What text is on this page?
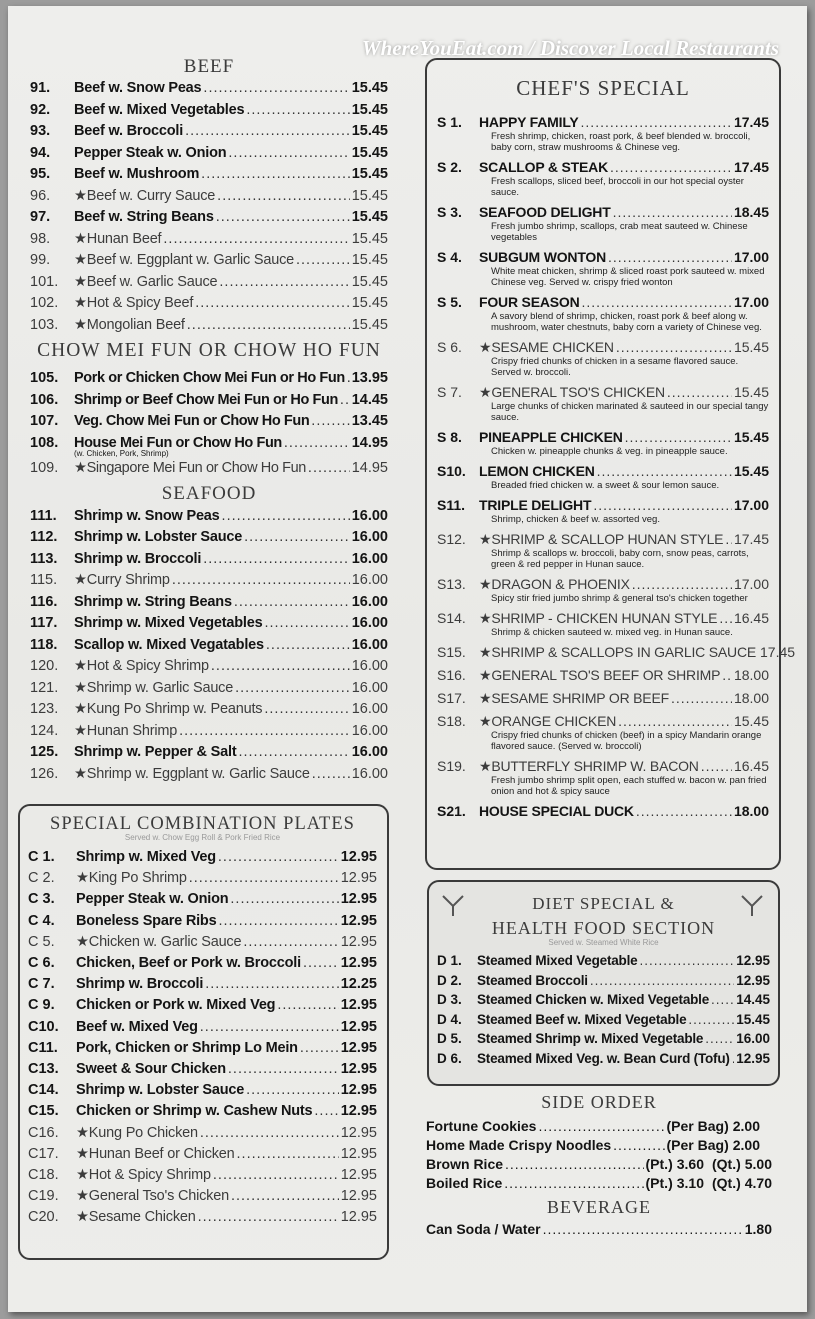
WhereYouEat.com / Discover Local Restaurants
BEEF
91.	Beef w. Snow Peas .....	15.45
92.	Beef w. Mixed Vegetables .....	15.45
93.	Beef w. Broccoli .....	15.45
94.	Pepper Steak w. Onion .....	15.45
95.	Beef w. Mushroom .....	15.45
96.	★Beef w. Curry Sauce .....	15.45
97.	Beef w. String Beans .....	15.45
98.	★Hunan Beef .....	15.45
99.	★Beef w. Eggplant w. Garlic Sauce .....	15.45
101.	★Beef w. Garlic Sauce .....	15.45
102.	★Hot & Spicy Beef .....	15.45
103.	★Mongolian Beef .....	15.45
CHOW MEI FUN OR CHOW HO FUN
105.	Pork or Chicken Chow Mei Fun or Ho Fun ..... 13.95
106.	Shrimp or Beef Chow Mei Fun or Ho Fun ..... 14.45
107.	Veg. Chow Mei Fun or Chow Ho Fun .....	13.45
108.	House Mei Fun or Chow Ho Fun .....	14.95
(w. Chicken, Pork, Shrimp)
109.	★Singapore Mei Fun or Chow Ho Fun .....	14.95
SEAFOOD
111.	Shrimp w. Snow Peas .....	16.00
112.	Shrimp w. Lobster Sauce .....	16.00
113.	Shrimp w. Broccoli .....	16.00
115.	★Curry Shrimp .....	16.00
116.	Shrimp w. String Beans .....	16.00
117.	Shrimp w. Mixed Vegetables .....	16.00
118.	Scallop w. Mixed Vegatables .....	16.00
120.	★Hot & Spicy Shrimp .....	16.00
121.	★Shrimp w. Garlic Sauce .....	16.00
123.	★Kung Po Shrimp w. Peanuts .....	16.00
124.	★Hunan Shrimp .....	16.00
125.	Shrimp w. Pepper & Salt .....	16.00
126.	★Shrimp w. Eggplant w. Garlic Sauce .....	16.00
SPECIAL COMBINATION PLATES
Served w. Chow Egg Roll & Pork Fried Rice
C 1.	Shrimp w. Mixed Veg .....	12.95
C 2.	★King Po Shrimp .....	12.95
C 3.	Pepper Steak w. Onion .....	12.95
C 4.	Boneless Spare Ribs .....	12.95
C 5.	★Chicken w. Garlic Sauce .....	12.95
C 6.	Chicken, Beef or Pork w. Broccoli .....	12.95
C 7.	Shrimp w. Broccoli .....	12.25
C 9.	Chicken or Pork w. Mixed Veg .....	12.95
C10.	Beef w. Mixed Veg .....	12.95
C11.	Pork, Chicken or Shrimp Lo Mein .....	12.95
C13.	Sweet & Sour Chicken .....	12.95
C14.	Shrimp w. Lobster Sauce .....	12.95
C15.	Chicken or Shrimp w. Cashew Nuts ..... 12.95
C16.	★Kung Po Chicken .....	12.95
C17.	★Hunan Beef or Chicken .....	12.95
C18.	★Hot & Spicy Shrimp .....	12.95
C19.	★General Tso's Chicken .....	12.95
C20.	★Sesame Chicken .....	12.95
CHEF'S SPECIAL
S 1.	HAPPY FAMILY .....	17.45
Fresh shrimp, chicken, roast pork, & beef blended w. broccoli, baby corn, straw mushrooms & Chinese veg.
S 2.	SCALLOP & STEAK .....	17.45
Fresh scallops, sliced beef, broccoli in our hot special oyster sauce.
S 3.	SEAFOOD DELIGHT .....	18.45
Fresh jumbo shrimp, scallops, crab meat sauteed w. Chinese vegetables
S 4.	SUBGUM WONTON .....	17.00
White meat chicken, shrimp & sliced roast pork sauteed w. mixed Chinese veg. Served w. crispy fried wonton
S 5.	FOUR SEASON .....	17.00
A savory blend of shrimp, chicken, roast pork & beef along w. mushroom, water chestnuts, baby corn a variety of Chinese veg.
S 6.	★SESAME CHICKEN .....	15.45
Crispy fried chunks of chicken in a sesame flavored sauce. Served w. broccoli.
S 7.	★GENERAL TSO'S CHICKEN .....	15.45
Large chunks of chicken marinated & sauteed in our special tangy sauce.
S 8.	PINEAPPLE CHICKEN .....	15.45
Chicken w. pineapple chunks & veg. in pineapple sauce.
S10. LEMON CHICKEN .....	15.45
Breaded fried chicken w. a sweet & sour lemon sauce.
S11. TRIPLE DELIGHT .....	17.00
Shrimp, chicken & beef w. assorted veg.
S12. ★SHRIMP & SCALLOP HUNAN STYLE ..... 17.45
Shrimp & scallops w. broccoli, baby corn, snow peas, carrots, green & red pepper in Hunan sauce.
S13. ★DRAGON & PHOENIX .....	17.00
Spicy stir fried jumbo shrimp & general tso's chicken together
S14. ★SHRIMP - CHICKEN HUNAN STYLE ..... 16.45
Shrimp & chicken sauteed w. mixed veg. in Hunan sauce.
S15. ★SHRIMP & SCALLOPS IN GARLIC SAUCE 17.45
S16. ★GENERAL TSO'S BEEF OR SHRIMP ..... 18.00
S17. ★SESAME SHRIMP OR BEEF .....	18.00
S18. ★ORANGE CHICKEN .....	15.45
Crispy fried chunks of chicken (beef) in a spicy Mandarin orange flavored sauce. (Served w. broccoli)
S19. ★BUTTERFLY SHRIMP W. BACON .....	16.45
Fresh jumbo shrimp split open, each stuffed w. bacon w. pan fried onion and hot & spicy sauce
S21. HOUSE SPECIAL DUCK .....	18.00
DIET SPECIAL &
HEALTH FOOD SECTION
Served w. Steamed White Rice
D 1.	Steamed Mixed Vegetable .....	12.95
D 2.	Steamed Broccoli .....	12.95
D 3.	Steamed Chicken w. Mixed Vegetable ..... 14.45
D 4.	Steamed Beef w. Mixed Vegetable .....	15.45
D 5.	Steamed Shrimp w. Mixed Vegetable ..... 16.00
D 6.	Steamed Mixed Veg. w. Bean Curd (Tofu) ..... 12.95
SIDE ORDER
Fortune Cookies .....	(Per Bag) 2.00
Home Made Crispy Noodles .....	(Per Bag) 2.00
Brown Rice .....	(Pt.) 3.60 (Qt.) 5.00
Boiled Rice .....	(Pt.) 3.10 (Qt.) 4.70
BEVERAGE
Can Soda / Water .....	1.80
